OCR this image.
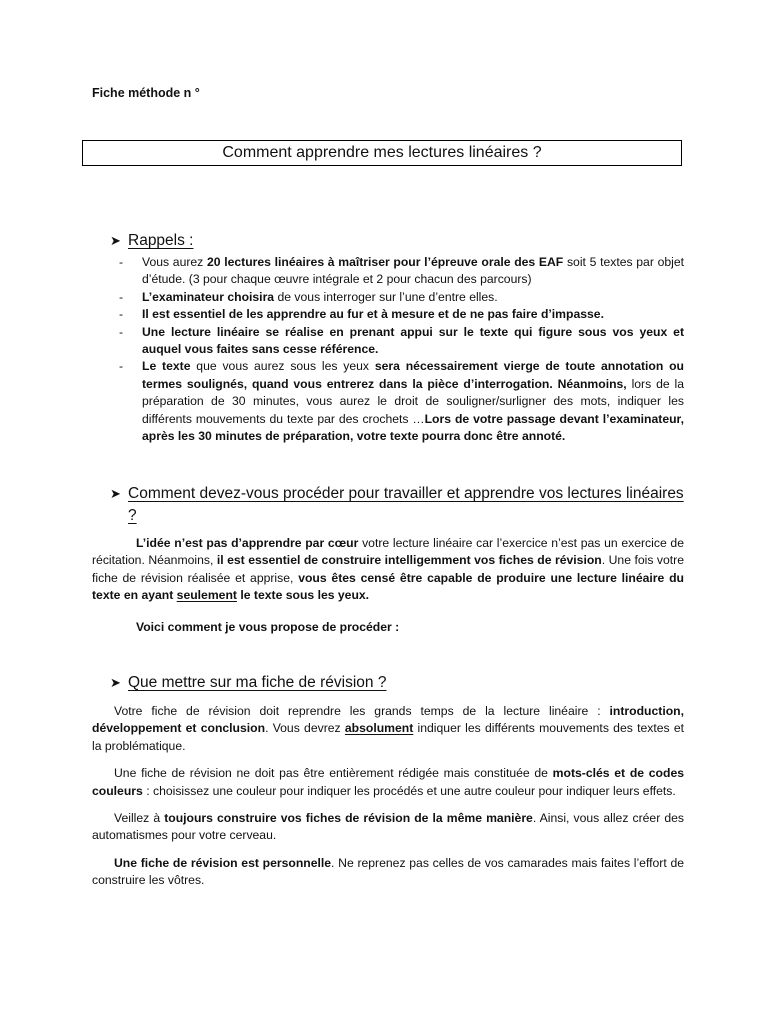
Fiche méthode n °
Comment apprendre mes lectures linéaires ?
➤ Rappels :
- Vous aurez 20 lectures linéaires à maîtriser pour l’épreuve orale des EAF soit 5 textes par objet d’étude. (3 pour chaque œuvre intégrale et 2 pour chacun des parcours)
- L’examinateur choisira de vous interroger sur l’une d’entre elles.
- Il est essentiel de les apprendre au fur et à mesure et de ne pas faire d’impasse.
- Une lecture linéaire se réalise en prenant appui sur le texte qui figure sous vos yeux et auquel vous faites sans cesse référence.
- Le texte que vous aurez sous les yeux sera nécessairement vierge de toute annotation ou termes soulignés, quand vous entrerez dans la pièce d’interrogation. Néanmoins, lors de la préparation de 30 minutes, vous aurez le droit de souligner/surligner des mots, indiquer les différents mouvements du texte par des crochets …Lors de votre passage devant l’examinateur, après les 30 minutes de préparation, votre texte pourra donc être annoté.
➤ Comment devez-vous procéder pour travailler et apprendre vos lectures linéaires ?

L’idée n’est pas d’apprendre par cœur votre lecture linéaire car l’exercice n’est pas un exercice de récitation. Néanmoins, il est essentiel de construire intelligemment vos fiches de révision. Une fois votre fiche de révision réalisée et apprise, vous êtes censé être capable de produire une lecture linéaire du texte en ayant seulement le texte sous les yeux.

Voici comment je vous propose de procéder :

➤ Que mettre sur ma fiche de révision ?

Votre fiche de révision doit reprendre les grands temps de la lecture linéaire : introduction, développement et conclusion. Vous devrez absolument indiquer les différents mouvements des textes et la problématique.

Une fiche de révision ne doit pas être entièrement rédigée mais constituée de mots-clés et de codes couleurs : choisissez une couleur pour indiquer les procédés et une autre couleur pour indiquer leurs effets.

Veillez à toujours construire vos fiches de révision de la même manière. Ainsi, vous allez créer des automatismes pour votre cerveau.

Une fiche de révision est personnelle. Ne reprenez pas celles de vos camarades mais faites l’effort de construire les vôtres.
